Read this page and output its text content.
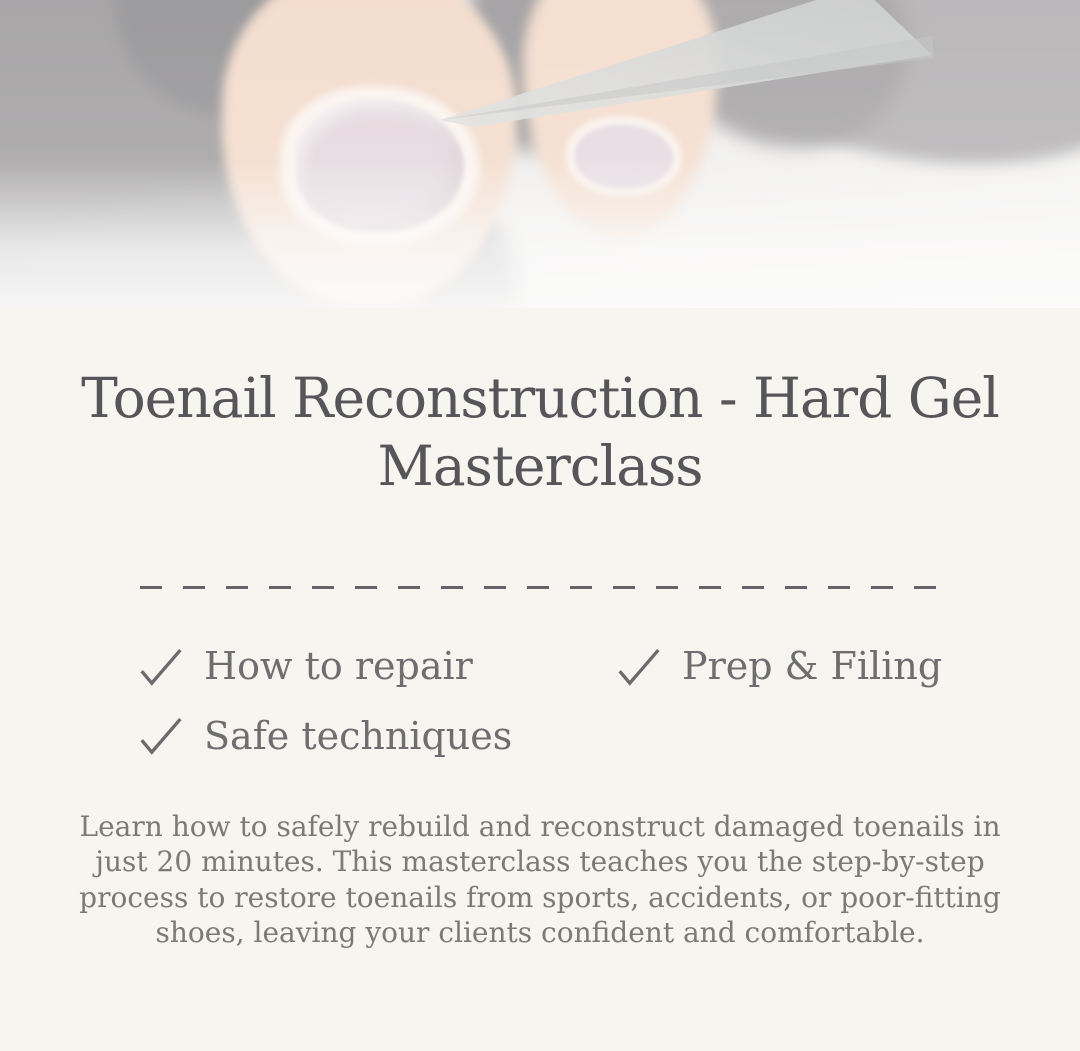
Toenail Reconstruction - Hard Gel Masterclass
How to repair	Prep & Filing
Safe techniques

Learn how to safely rebuild and reconstruct damaged toenails in just 20 minutes. This masterclass teaches you the step-by-step process to restore toenails from sports, accidents, or poor-fitting shoes, leaving your clients confident and comfortable.
